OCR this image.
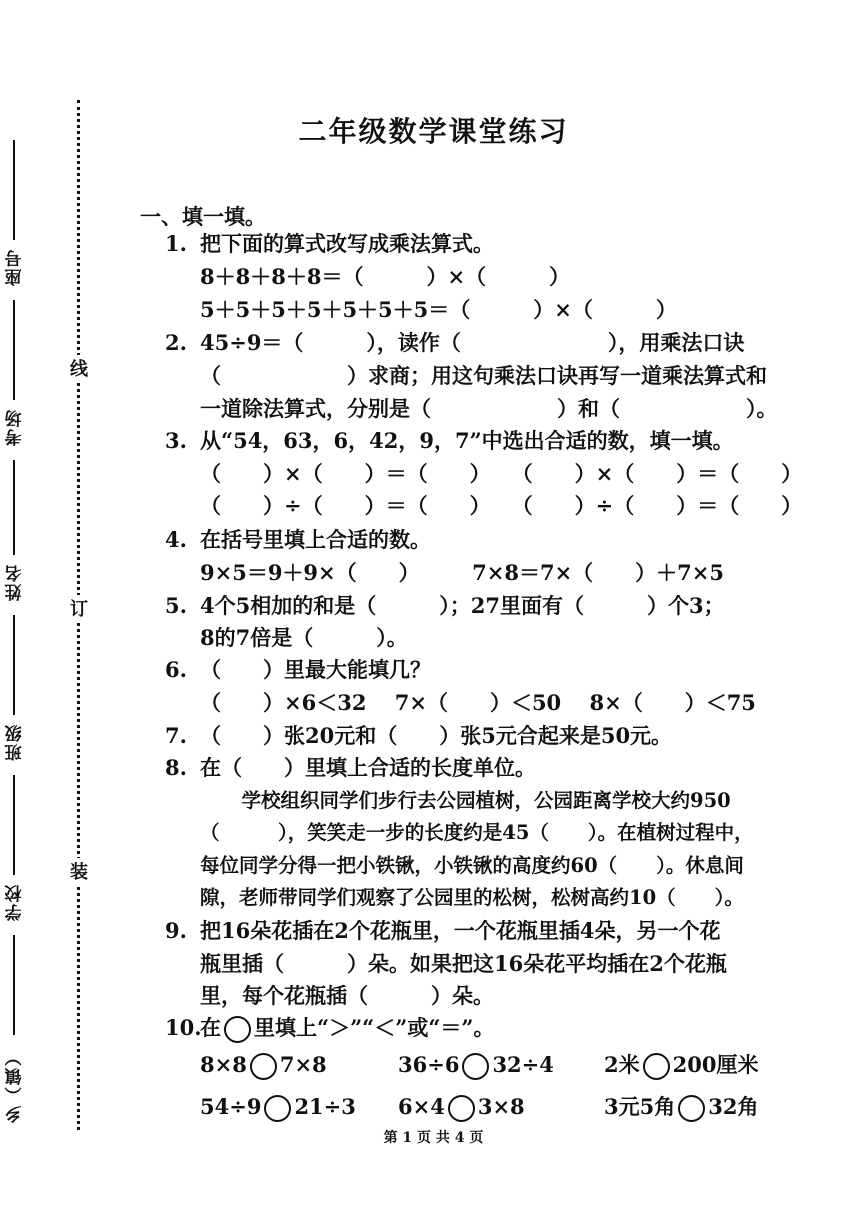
座号
考场
姓名
班级
学校
乡（镇）
线
订
装
二年级数学课堂练习
一、填一填。
1. 把下面的算式改写成乘法算式。
8＋8＋8＋8＝（　　　）×（　　　）
5＋5＋5＋5＋5＋5＋5＝（　　　）×（　　　）
2. 45÷9＝（　　　），读作（　　　　　　　），用乘法口诀
（　　　　　　）求商；用这句乘法口诀再写一道乘法算式和
一道除法算式，分别是（　　　　　　）和（　　　　　　）。
3. 从“54，63，6，42，9，7”中选出合适的数，填一填。
（　　）×（　　）＝（　　）　　（　　）×（　　）＝（　　）
（　　）÷（　　）＝（　　）　　（　　）÷（　　）＝（　　）
4. 在括号里填上合适的数。
9×5＝9＋9×（　　）　　　7×8＝7×（　　）＋7×5
5. 4个5相加的和是（　　　）；27里面有（　　　）个3；
8的7倍是（　　　）。
6. （　　）里最大能填几？
（　　）×6＜32　 7×（　　）＜50　 8×（　　）＜75
7. （　　）张20元和（　　）张5元合起来是50元。
8. 在（　　）里填上合适的长度单位。
　学校组织同学们步行去公园植树，公园距离学校大约950
（　　　），笑笑走一步的长度约是45（　　）。在植树过程中，
每位同学分得一把小铁锹，小铁锹的高度约60（　　）。休息间
隙，老师带同学们观察了公园里的松树，松树高约10（　　）。
9. 把16朵花插在2个花瓶里，一个花瓶里插4朵，另一个花
瓶里插（　　　）朵。如果把这16朵花平均插在2个花瓶
里，每个花瓶插（　　　）朵。
10.
在 里填上“＞”“＜”或“＝”。

8×8 7×8

	36÷6 32÷4

2米 200厘米

54÷9 21÷3

6×4 3×8

	3元5角 32角

第 1 页 共 4 页
